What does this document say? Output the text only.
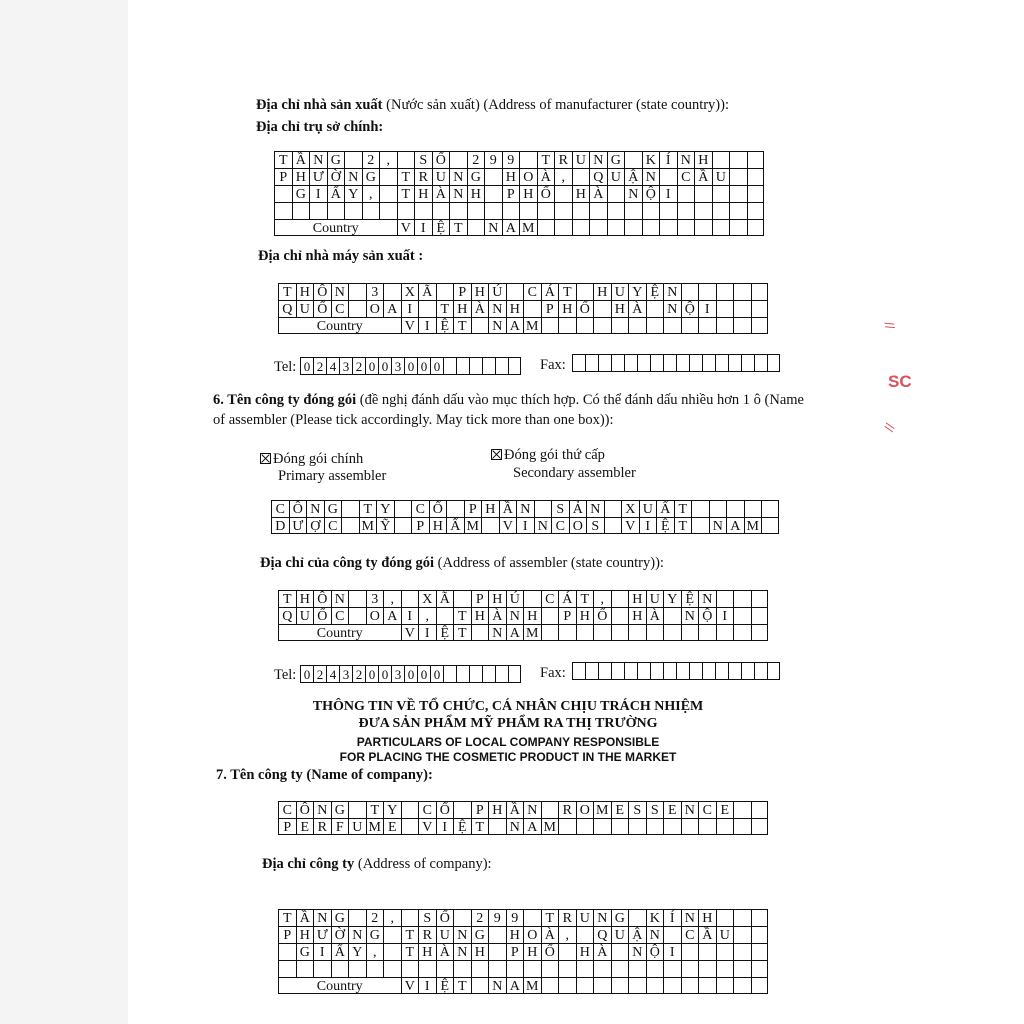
Địa chỉ nhà sản xuất (Nước sản xuất) (Address of manufacturer (state country)):
Địa chỉ trụ sở chính:
T Ầ N G	2 ,	S Ố	2 9 9	T R U N G K Í N H
P H Ư Ờ N G	T R U N G H O À ,	Q U Ậ N	C Ầ U
G I Ấ Y ,	T H À N H	P H Ố H À N Ộ I
Country	V I Ệ T N A M
Địa chỉ nhà máy sản xuất :
T H Ô N	3	X Ã	P H Ú	C Á T H U Y Ệ N
Q U Ố C O A I	T H À N H	P H Ố H À N Ộ I
Country	V I Ệ T N A M
Tel: 0 2 4 3 2 0 0 3 0 0 0	Fax:
6. Tên công ty đóng gói (đề nghị đánh dấu vào mục thích hợp. Có thể đánh dấu nhiều hơn 1 ô (Name
of assembler (Please tick accordingly. May tick more than one box)):
Đóng gói chính
Primary assembler
Đóng gói thứ cấp
Secondary assembler
C Ô N G	T Y	C Ổ	P H Ầ N	S Ả N X U Ấ T
D Ư Ợ C M Ỹ	P H Ẩ M V I N C O S	V I Ệ T N A M
Địa chỉ của công ty đóng gói (Address of assembler (state country)):
T H Ô N	3 ,	X Ã	P H Ú	C Á T ,	H U Y Ệ N
Q U Ố C O A I ,	T H À N H	P H Ố H À N Ộ I
Country	V I Ệ T N A M
Tel: 0 2 4 3 2 0 0 3 0 0 0	Fax:
THÔNG TIN VỀ TỔ CHỨC, CÁ NHÂN CHỊU TRÁCH NHIỆM
ĐƯA SẢN PHẨM MỸ PHẨM RA THỊ TRƯỜNG
PARTICULARS OF LOCAL COMPANY RESPONSIBLE
FOR PLACING THE COSMETIC PRODUCT IN THE MARKET
7. Tên công ty (Name of company):
C Ô N G	T Y	C Ổ	P H Ầ N	R O M E S S E N C E
P E R F U M E V I Ệ T N A M
Địa chỉ công ty (Address of company):
T Ầ N G	2 ,	S Ố	2 9 9	T R U N G K Í N H
P H Ư Ờ N G	T R U N G H O À ,	Q U Ậ N	C Ầ U
G I Ấ Y ,	T H À N H	P H Ố H À N Ộ I
Country	V I Ệ T N A M
//
SC
//
